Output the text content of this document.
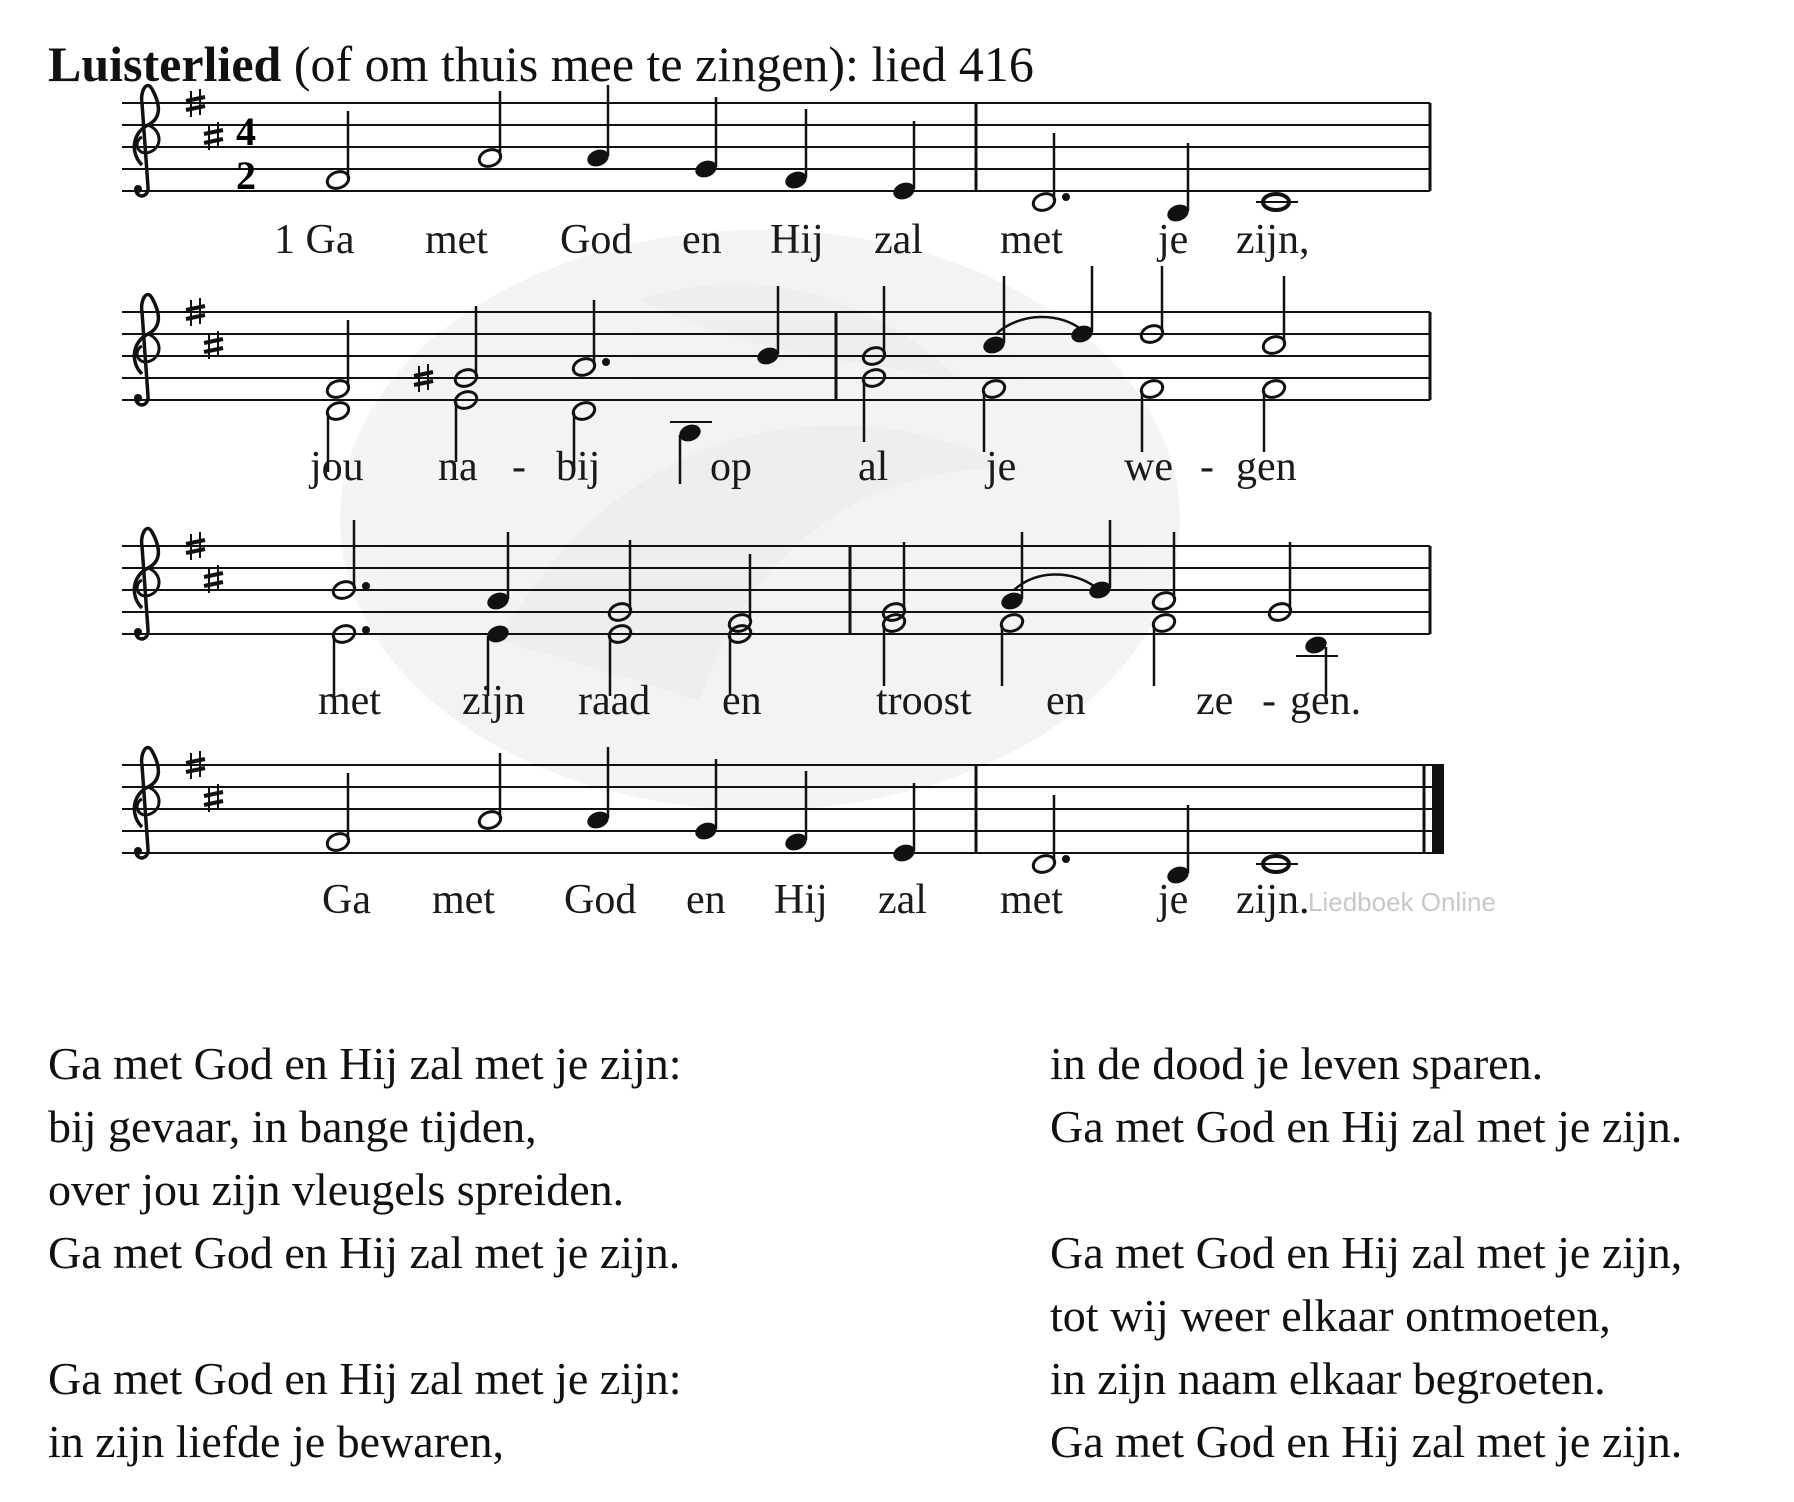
Luisterlied (of om thuis mee te zingen): lied 416
4
2
1 Ga met God en Hij zal met je zijn,
jou na - bij	op	al je	we - gen
met zijn raad en	troost en	ze - gen.
Ga met God en Hij zal met je zijn.
Liedboek Online
Ga met God en Hij zal met je zijn:
bij gevaar, in bange tijden,
over jou zijn vleugels spreiden.
Ga met God en Hij zal met je zijn.
Ga met God en Hij zal met je zijn:
in zijn liefde je bewaren,
in de dood je leven sparen.
Ga met God en Hij zal met je zijn.
Ga met God en Hij zal met je zijn,
tot wij weer elkaar ontmoeten,
in zijn naam elkaar begroeten.
Ga met God en Hij zal met je zijn.
